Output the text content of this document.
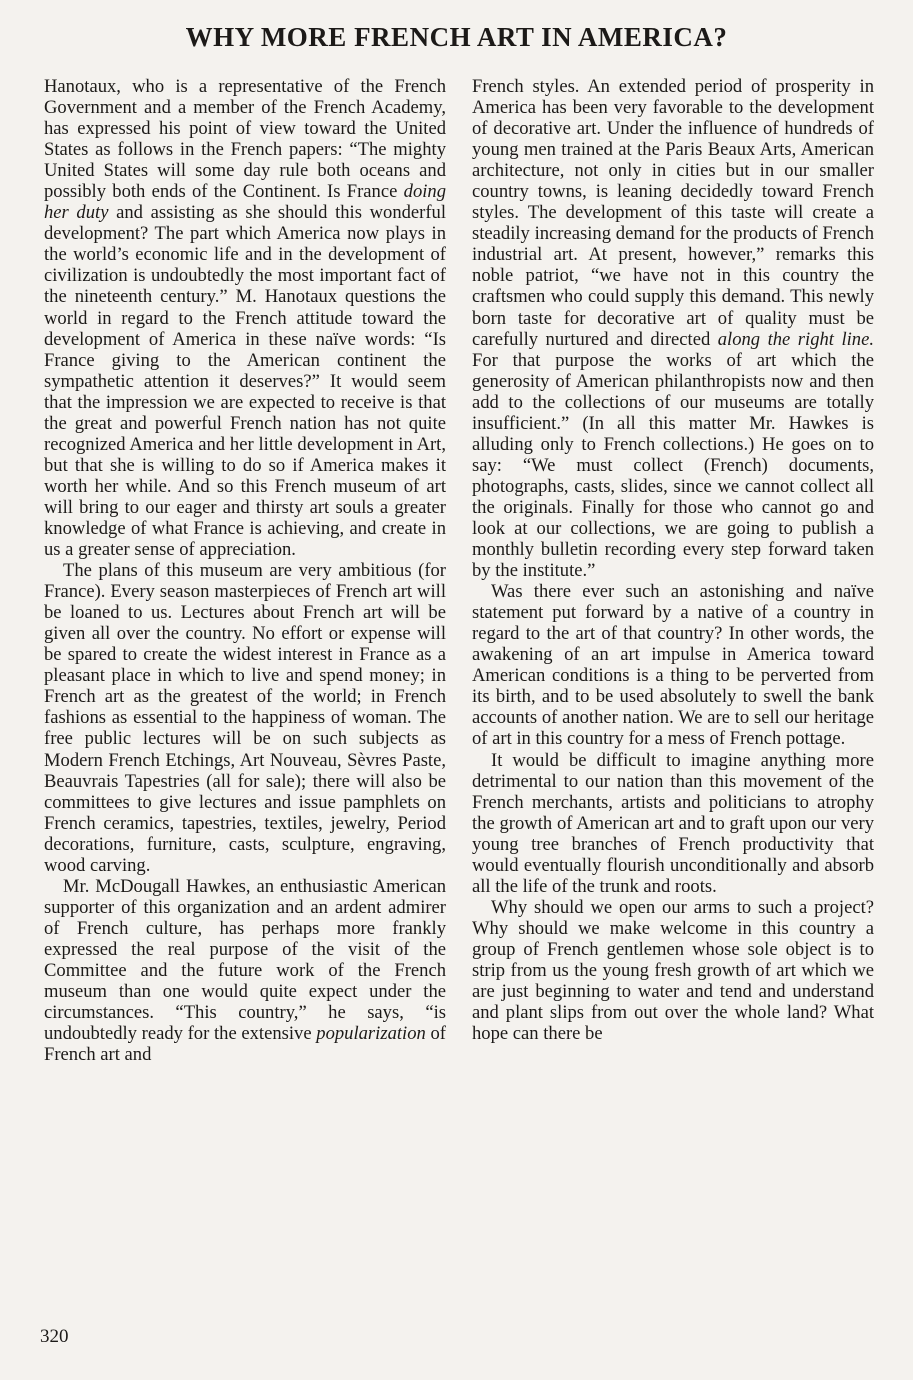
WHY MORE FRENCH ART IN AMERICA?

Hanotaux, who is a representative of the French Government and a member of the French Academy, has expressed his point of view toward the United States as follows in the French papers: “The mighty United States will some day rule both oceans and possibly both ends of the Continent. Is France doing her duty and assisting as she should this wonderful development? The part which America now plays in the world’s economic life and in the development of civilization is undoubtedly the most important fact of the nineteenth century.” M. Hanotaux questions the world in regard to the French attitude toward the development of America in these naïve words: “Is France giving to the American continent the sympathetic attention it deserves?” It would seem that the impression we are expected to receive is that the great and powerful French nation has not quite recognized America and her little development in Art, but that she is willing to do so if America makes it worth her while. And so this French museum of art will bring to our eager and thirsty art souls a greater knowledge of what France is achieving, and create in us a greater sense of appreciation.

The plans of this museum are very ambitious (for France). Every season masterpieces of French art will be loaned to us. Lectures about French art will be given all over the country. No effort or expense will be spared to create the widest interest in France as a pleasant place in which to live and spend money; in French art as the greatest of the world; in French fashions as essential to the happiness of woman. The free public lectures will be on such subjects as Modern French Etchings, Art Nouveau, Sèvres Paste, Beauvrais Tapestries (all for sale); there will also be committees to give lectures and issue pamphlets on French ceramics, tapestries, textiles, jewelry, Period decorations, furniture, casts, sculpture, engraving, wood carving.

Mr. McDougall Hawkes, an enthusiastic American supporter of this organization and an ardent admirer of French culture, has perhaps more frankly expressed the real purpose of the visit of the Committee and the future work of the French museum than one would quite expect under the circumstances. “This country,” he says, “is undoubtedly ready for the extensive popularization of French art and

French styles. An extended period of prosperity in America has been very favorable to the development of decorative art. Under the influence of hundreds of young men trained at the Paris Beaux Arts, American architecture, not only in cities but in our smaller country towns, is leaning decidedly toward French styles. The development of this taste will create a steadily increasing demand for the products of French industrial art. At present, however,” remarks this noble patriot, “we have not in this country the craftsmen who could supply this demand. This newly born taste for decorative art of quality must be carefully nurtured and directed along the right line. For that purpose the works of art which the generosity of American philanthropists now and then add to the collections of our museums are totally insufficient.” (In all this matter Mr. Hawkes is alluding only to French collections.) He goes on to say: “We must collect (French) documents, photographs, casts, slides, since we cannot collect all the originals. Finally for those who cannot go and look at our collections, we are going to publish a monthly bulletin recording every step forward taken by the institute.”

Was there ever such an astonishing and naïve statement put forward by a native of a country in regard to the art of that country? In other words, the awakening of an art impulse in America toward American conditions is a thing to be perverted from its birth, and to be used absolutely to swell the bank accounts of another nation. We are to sell our heritage of art in this country for a mess of French pottage.

It would be difficult to imagine anything more detrimental to our nation than this movement of the French merchants, artists and politicians to atrophy the growth of American art and to graft upon our very young tree branches of French productivity that would eventually flourish unconditionally and absorb all the life of the trunk and roots.

Why should we open our arms to such a project? Why should we make welcome in this country a group of French gentlemen whose sole object is to strip from us the young fresh growth of art which we are just beginning to water and tend and understand and plant slips from out over the whole land? What hope can there be

320
